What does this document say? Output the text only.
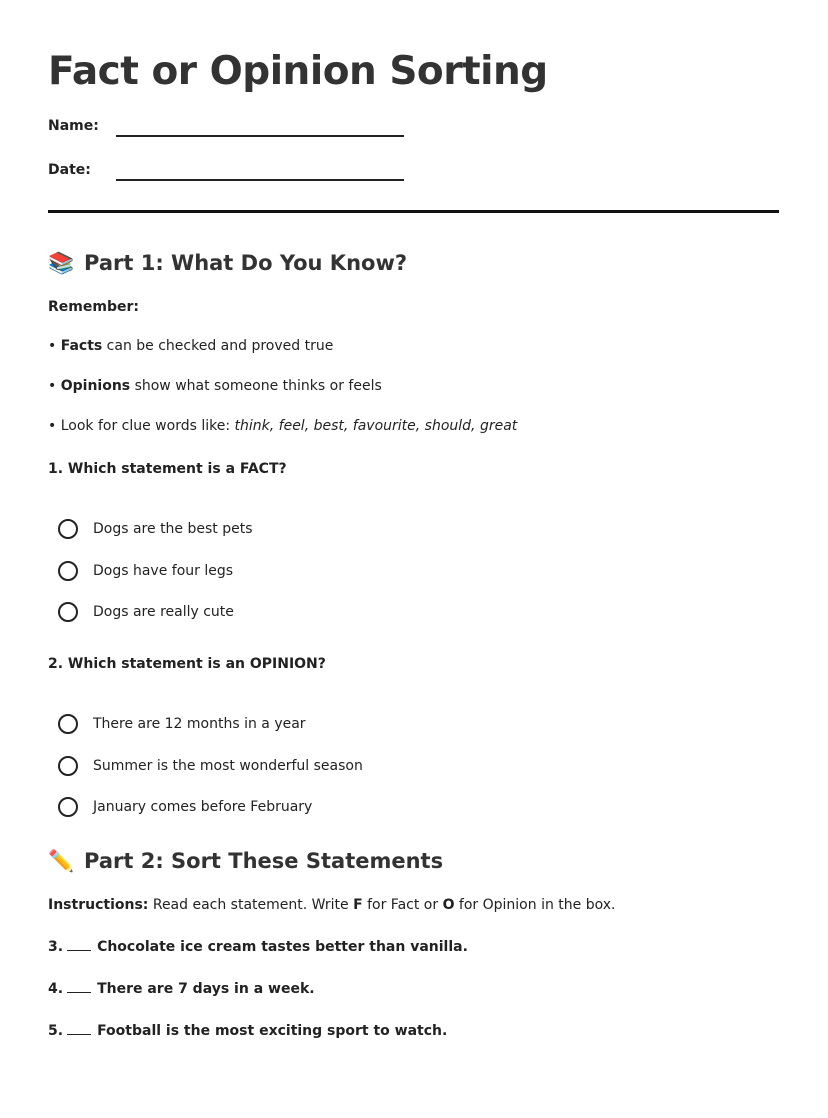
Fact or Opinion Sorting
Name:
Date:
📚 Part 1: What Do You Know?
Remember:
• Facts can be checked and proved true
• Opinions show what someone thinks or feels
• Look for clue words like: think, feel, best, favourite, should, great
1. Which statement is a FACT?
Dogs are the best pets
Dogs have four legs
Dogs are really cute
2. Which statement is an OPINION?
There are 12 months in a year
Summer is the most wonderful season
January comes before February
✏️ Part 2: Sort These Statements
Instructions: Read each statement. Write F for Fact or O for Opinion in the box.
3. Chocolate ice cream tastes better than vanilla.
4. There are 7 days in a week.
5. Football is the most exciting sport to watch.
